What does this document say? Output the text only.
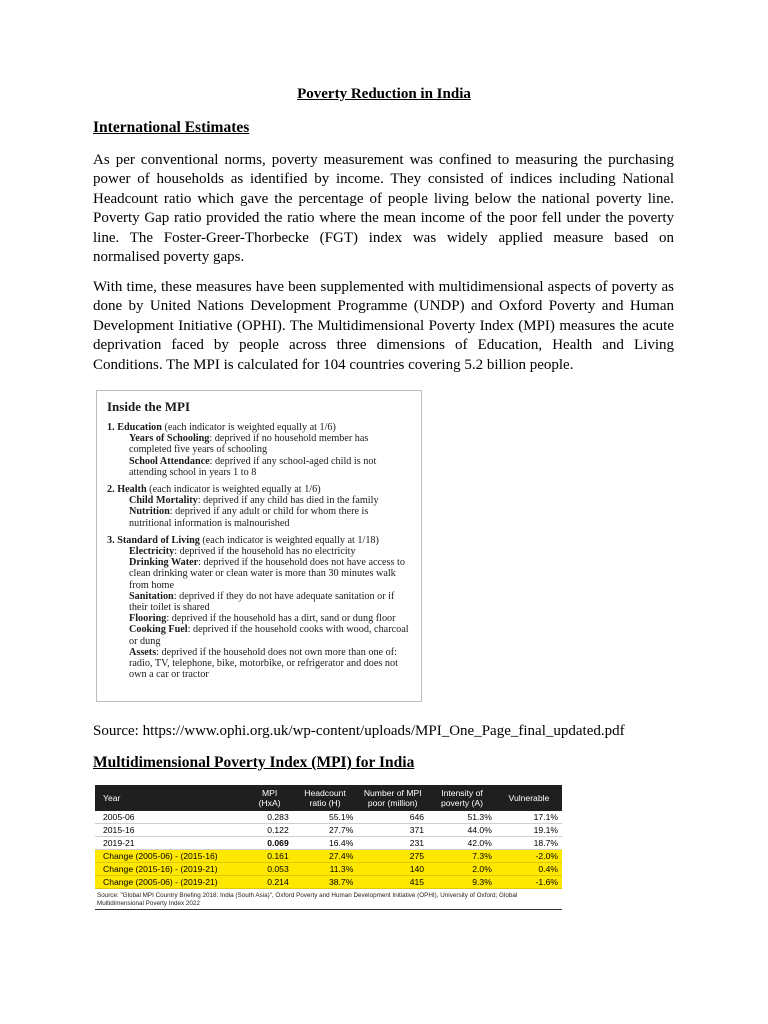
Poverty Reduction in India
International Estimates

As per conventional norms, poverty measurement was confined to measuring the purchasing power of households as identified by income. They consisted of indices including National Headcount ratio which gave the percentage of people living below the national poverty line. Poverty Gap ratio provided the ratio where the mean income of the poor fell under the poverty line. The Foster-Greer-Thorbecke (FGT) index was widely applied measure based on normalised poverty gaps.

With time, these measures have been supplemented with multidimensional aspects of poverty as done by United Nations Development Programme (UNDP) and Oxford Poverty and Human Development Initiative (OPHI). The Multidimensional Poverty Index (MPI) measures the acute deprivation faced by people across three dimensions of Education, Health and Living Conditions. The MPI is calculated for 104 countries covering 5.2 billion people.

Inside the MPI
1. Education (each indicator is weighted equally at 1/6)
Years of Schooling: deprived if no household member has completed five years of schooling
School Attendance: deprived if any school-aged child is not attending school in years 1 to 8
2. Health (each indicator is weighted equally at 1/6)
Child Mortality: deprived if any child has died in the family
Nutrition: deprived if any adult or child for whom there is nutritional information is malnourished
3. Standard of Living (each indicator is weighted equally at 1/18)
Electricity: deprived if the household has no electricity
Drinking Water: deprived if the household does not have access to clean drinking water or clean water is more than 30 minutes walk from home
Sanitation: deprived if they do not have adequate sanitation or if their toilet is shared
Flooring: deprived if the household has a dirt, sand or dung floor
Cooking Fuel: deprived if the household cooks with wood, charcoal or dung
Assets: deprived if the household does not own more than one of: radio, TV, telephone, bike, motorbike, or refrigerator and does not own a car or tractor
Source: https://www.ophi.org.uk/wp-content/uploads/MPI_One_Page_final_updated.pdf
Multidimensional Poverty Index (MPI) for India
Year	MPI (HxA)	Headcount ratio (H)	Number of MPI poor (million)	Intensity of poverty (A)	Vulnerable
2005-06	0.283	55.1%	646	51.3%	17.1%
2015-16	0.122	27.7%	371	44.0%	19.1%
2019-21	0.069	16.4%	231	42.0%	18.7%
Change (2005-06) - (2015-16)	0.161	27.4%	275	7.3%	-2.0%
Change (2015-16) - (2019-21)	0.053	11.3%	140	2.0%	0.4%
Change (2005-06) - (2019-21)	0.214	38.7%	415	9.3%	-1.6%
Source: "Global MPI Country Briefing 2018: India (South Asia)", Oxford Poverty and Human Development Initiative (OPHI), University of Oxford; Global Multidimensional Poverty Index 2022
